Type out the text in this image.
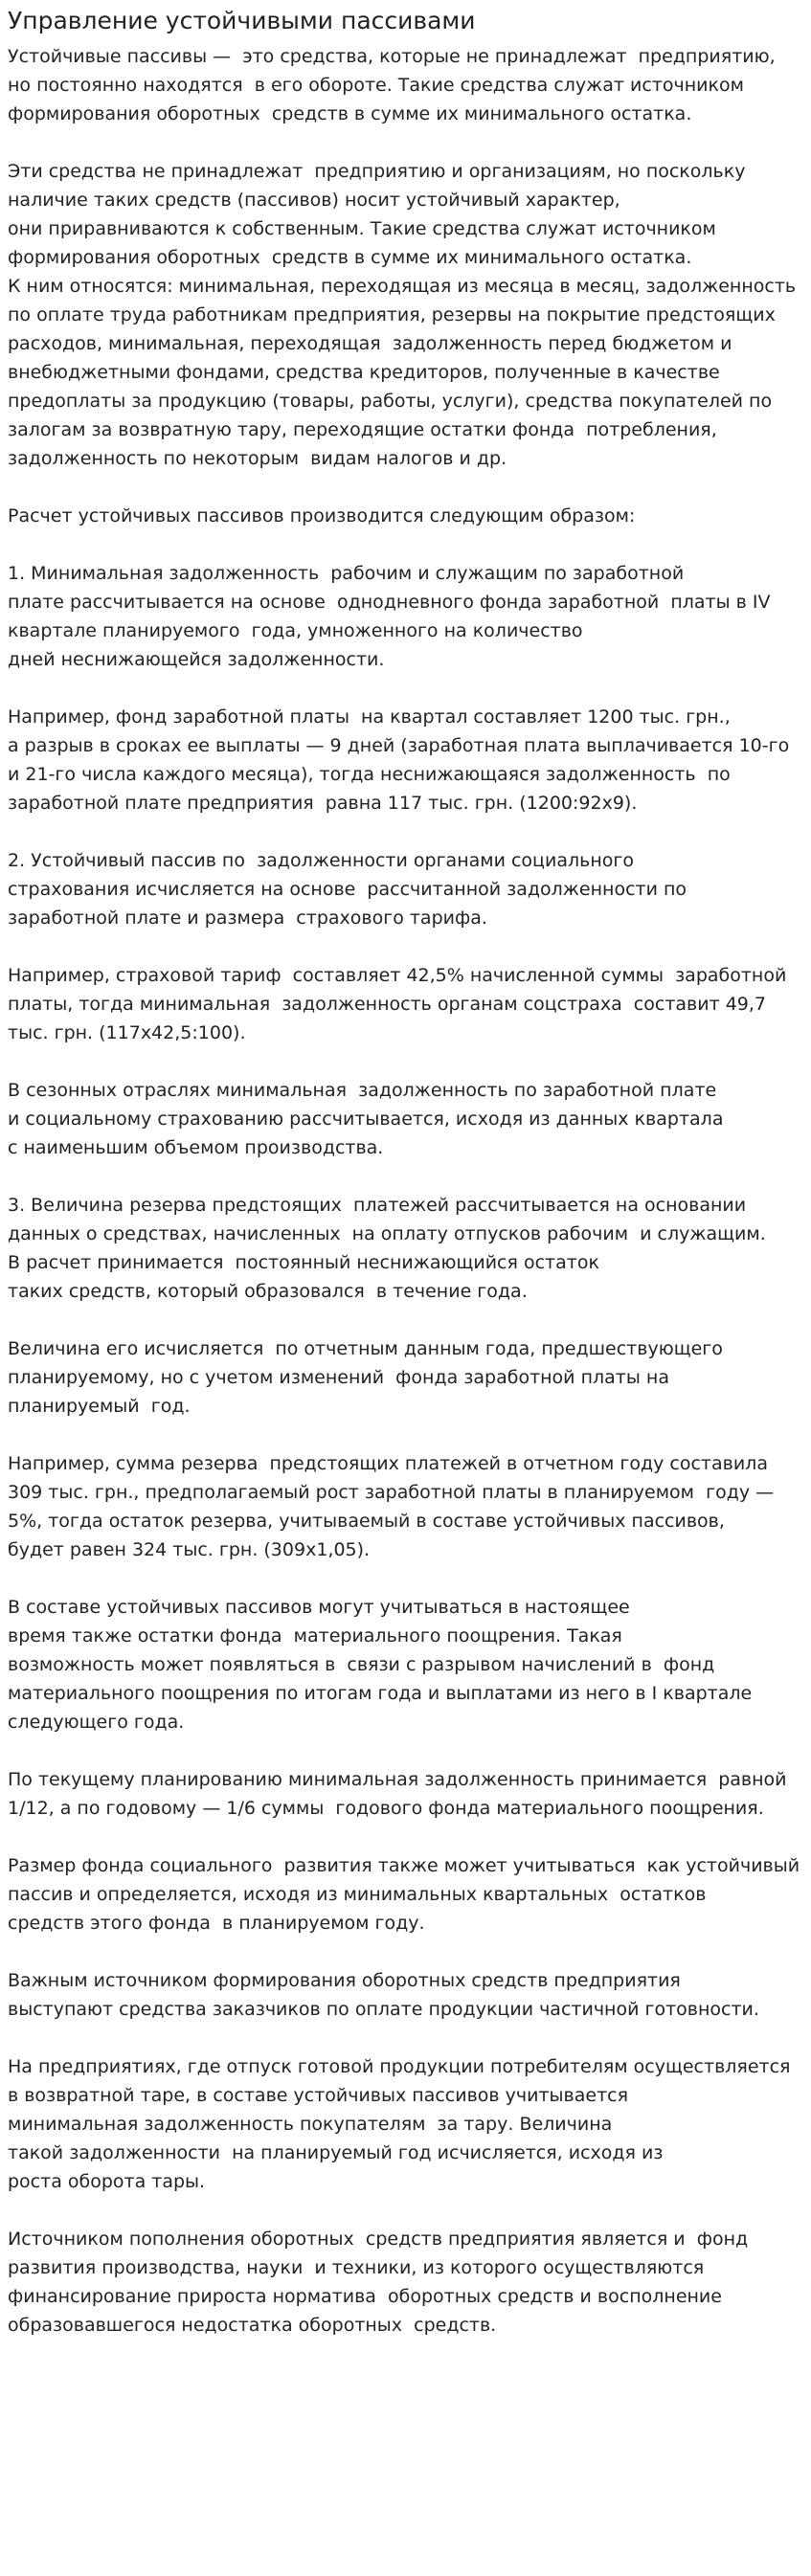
Управление устойчивыми пассивами
Устойчивые пассивы —  это средства, которые не принадлежат  предприятию,
но постоянно находятся  в его обороте. Такие средства служат источником
формирования оборотных  средств в сумме их минимального остатка.
Эти средства не принадлежат  предприятию и организациям, но поскольку
наличие таких средств (пассивов) носит устойчивый характер,
они приравниваются к собственным. Такие средства служат источником
формирования оборотных  средств в сумме их минимального остатка.
К ним относятся: минимальная, переходящая из месяца в месяц, задолженность
по оплате труда работникам предприятия, резервы на покрытие предстоящих
расходов, минимальная, переходящая  задолженность перед бюджетом и
внебюджетными фондами, средства кредиторов, полученные в качестве
предоплаты за продукцию (товары, работы, услуги), средства покупателей по
залогам за возвратную тару, переходящие остатки фонда  потребления,
задолженность по некоторым  видам налогов и др.
Расчет устойчивых пассивов производится следующим образом:
1. Минимальная задолженность  рабочим и служащим по заработной
плате рассчитывается на основе  однодневного фонда заработной  платы в IV
квартале планируемого  года, умноженного на количество
дней неснижающейся задолженности.
Например, фонд заработной платы  на квартал составляет 1200 тыс. грн.,
а разрыв в сроках ее выплаты — 9 дней (заработная плата выплачивается 10-го
и 21-го числа каждого месяца), тогда неснижающаяся задолженность  по
заработной плате предприятия  равна 117 тыс. грн. (1200:92х9).
2. Устойчивый пассив по  задолженности органами социального
страхования исчисляется на основе  рассчитанной задолженности по
заработной плате и размера  страхового тарифа.
Например, страховой тариф  составляет 42,5% начисленной суммы  заработной
платы, тогда минимальная  задолженность органам соцстраха  составит 49,7
тыс. грн. (117х42,5:100).
В сезонных отраслях минимальная  задолженность по заработной плате
и социальному страхованию рассчитывается, исходя из данных квартала
с наименьшим объемом производства.
3. Величина резерва предстоящих  платежей рассчитывается на основании
данных о средствах, начисленных  на оплату отпусков рабочим  и служащим.
В расчет принимается  постоянный неснижающийся остаток
таких средств, который образовался  в течение года.
Величина его исчисляется  по отчетным данным года, предшествующего
планируемому, но с учетом изменений  фонда заработной платы на
планируемый  год.
Например, сумма резерва  предстоящих платежей в отчетном году составила
309 тыс. грн., предполагаемый рост заработной платы в планируемом  году —
5%, тогда остаток резерва, учитываемый в составе устойчивых пассивов,
будет равен 324 тыс. грн. (309х1,05).
В составе устойчивых пассивов могут учитываться в настоящее
время также остатки фонда  материального поощрения. Такая
возможность может появляться в  связи с разрывом начислений в  фонд
материального поощрения по итогам года и выплатами из него в I квартале
следующего года.
По текущему планированию минимальная задолженность принимается  равной
1/12, а по годовому — 1/6 суммы  годового фонда материального поощрения.
Размер фонда социального  развития также может учитываться  как устойчивый
пассив и определяется, исходя из минимальных квартальных  остатков
средств этого фонда  в планируемом году.
Важным источником формирования оборотных средств предприятия
выступают средства заказчиков по оплате продукции частичной готовности.
На предприятиях, где отпуск готовой продукции потребителям осуществляется
в возвратной таре, в составе устойчивых пассивов учитывается
минимальная задолженность покупателям  за тару. Величина
такой задолженности  на планируемый год исчисляется, исходя из
роста оборота тары.
Источником пополнения оборотных  средств предприятия является и  фонд
развития производства, науки  и техники, из которого осуществляются
финансирование прироста норматива  оборотных средств и восполнение
образовавшегося недостатка оборотных  средств.
